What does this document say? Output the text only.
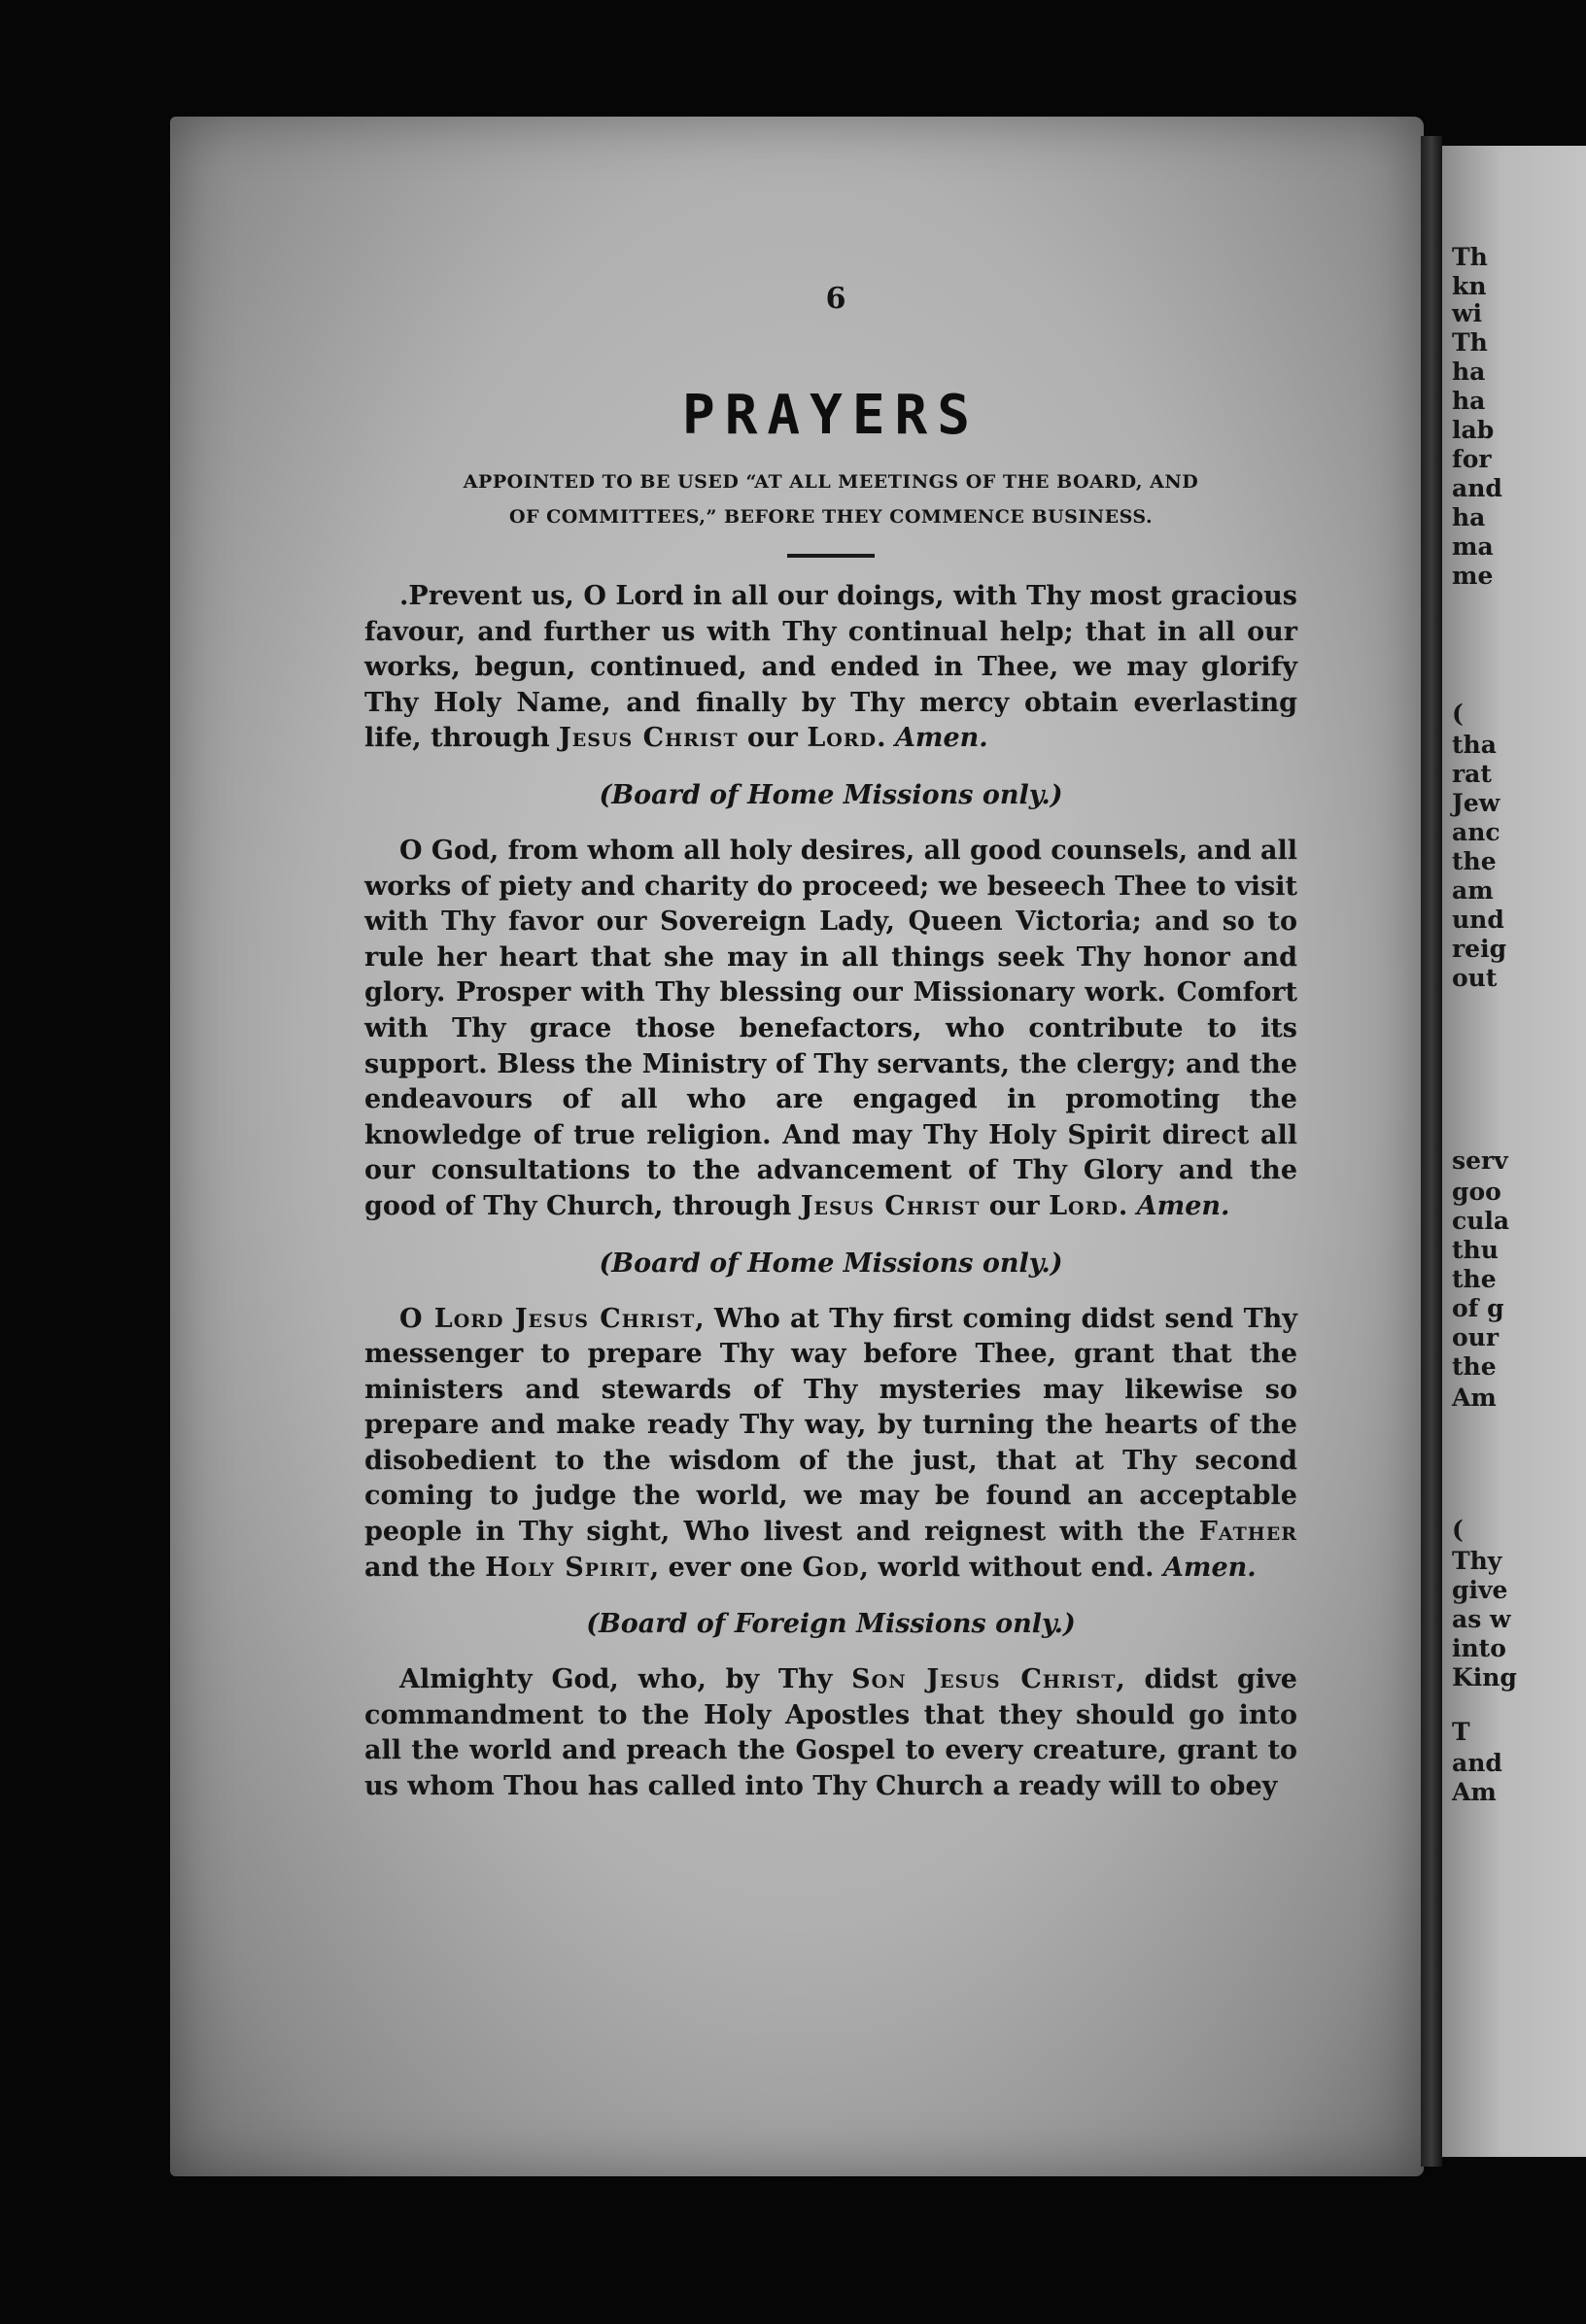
Th
kn
wi
Th
ha
ha
lab
for
and
ha
ma
me
(
tha
rat
Jew
anc
the
am
und
reig
out
serv
goo
cula
thu
the
of g
our
the
Am
(
Thy
give
as w
into
King
T
and
Am
6
PRAYERS
APPOINTED TO BE USED “AT ALL MEETINGS OF THE BOARD, AND
OF COMMITTEES,” BEFORE THEY COMMENCE BUSINESS.

.Prevent us, O Lord in all our doings, with Thy most gracious favour, and further us with Thy continual help; that in all our works, begun, continued, and ended in Thee, we may glorify Thy Holy Name, and finally by Thy mercy obtain everlasting life, through Jesus Christ our Lord. Amen.

(Board of Home Missions only.)

O God, from whom all holy desires, all good counsels, and all works of piety and charity do proceed; we beseech Thee to visit with Thy favor our Sovereign Lady, Queen Victoria; and so to rule her heart that she may in all things seek Thy honor and glory. Prosper with Thy blessing our Missionary work. Comfort with Thy grace those benefactors, who contribute to its support. Bless the Ministry of Thy servants, the clergy; and the endeavours of all who are engaged in promoting the knowledge of true religion. And may Thy Holy Spirit direct all our consultations to the advancement of Thy Glory and the good of Thy Church, through Jesus Christ our Lord. Amen.

(Board of Home Missions only.)

O Lord Jesus Christ, Who at Thy first coming didst send Thy messenger to prepare Thy way before Thee, grant that the ministers and stewards of Thy mysteries may likewise so prepare and make ready Thy way, by turning the hearts of the disobedient to the wisdom of the just, that at Thy second coming to judge the world, we may be found an acceptable people in Thy sight, Who livest and reignest with the Father and the Holy Spirit, ever one God, world without end. Amen.

(Board of Foreign Missions only.)

Almighty God, who, by Thy Son Jesus Christ, didst give commandment to the Holy Apostles that they should go into all the world and preach the Gospel to every creature, grant to us whom Thou has called into Thy Church a ready will to obey
